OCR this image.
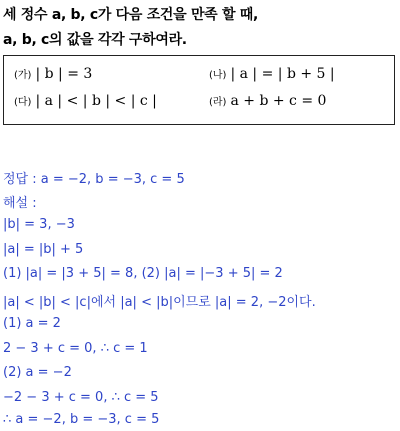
세 정수 a, b, c가 다음 조건을 만족 할 때,
a, b, c의 값을 각각 구하여라.
(가) | b | = 3	(나) | a | = | b + 5 |
(다) | a | < | b | < | c |	(라) a + b + c = 0
정답 : a = −2, b = −3, c = 5
해설 :
|b| = 3, −3
|a| = |b| + 5
(1) |a| = |3 + 5| = 8, (2) |a| = |−3 + 5| = 2
|a| < |b| < |c|에서 |a| < |b|이므로 |a| = 2, −2이다.
(1) a = 2
2 − 3 + c = 0, ∴ c = 1
(2) a = −2
−2 − 3 + c = 0, ∴ c = 5
∴ a = −2, b = −3, c = 5
